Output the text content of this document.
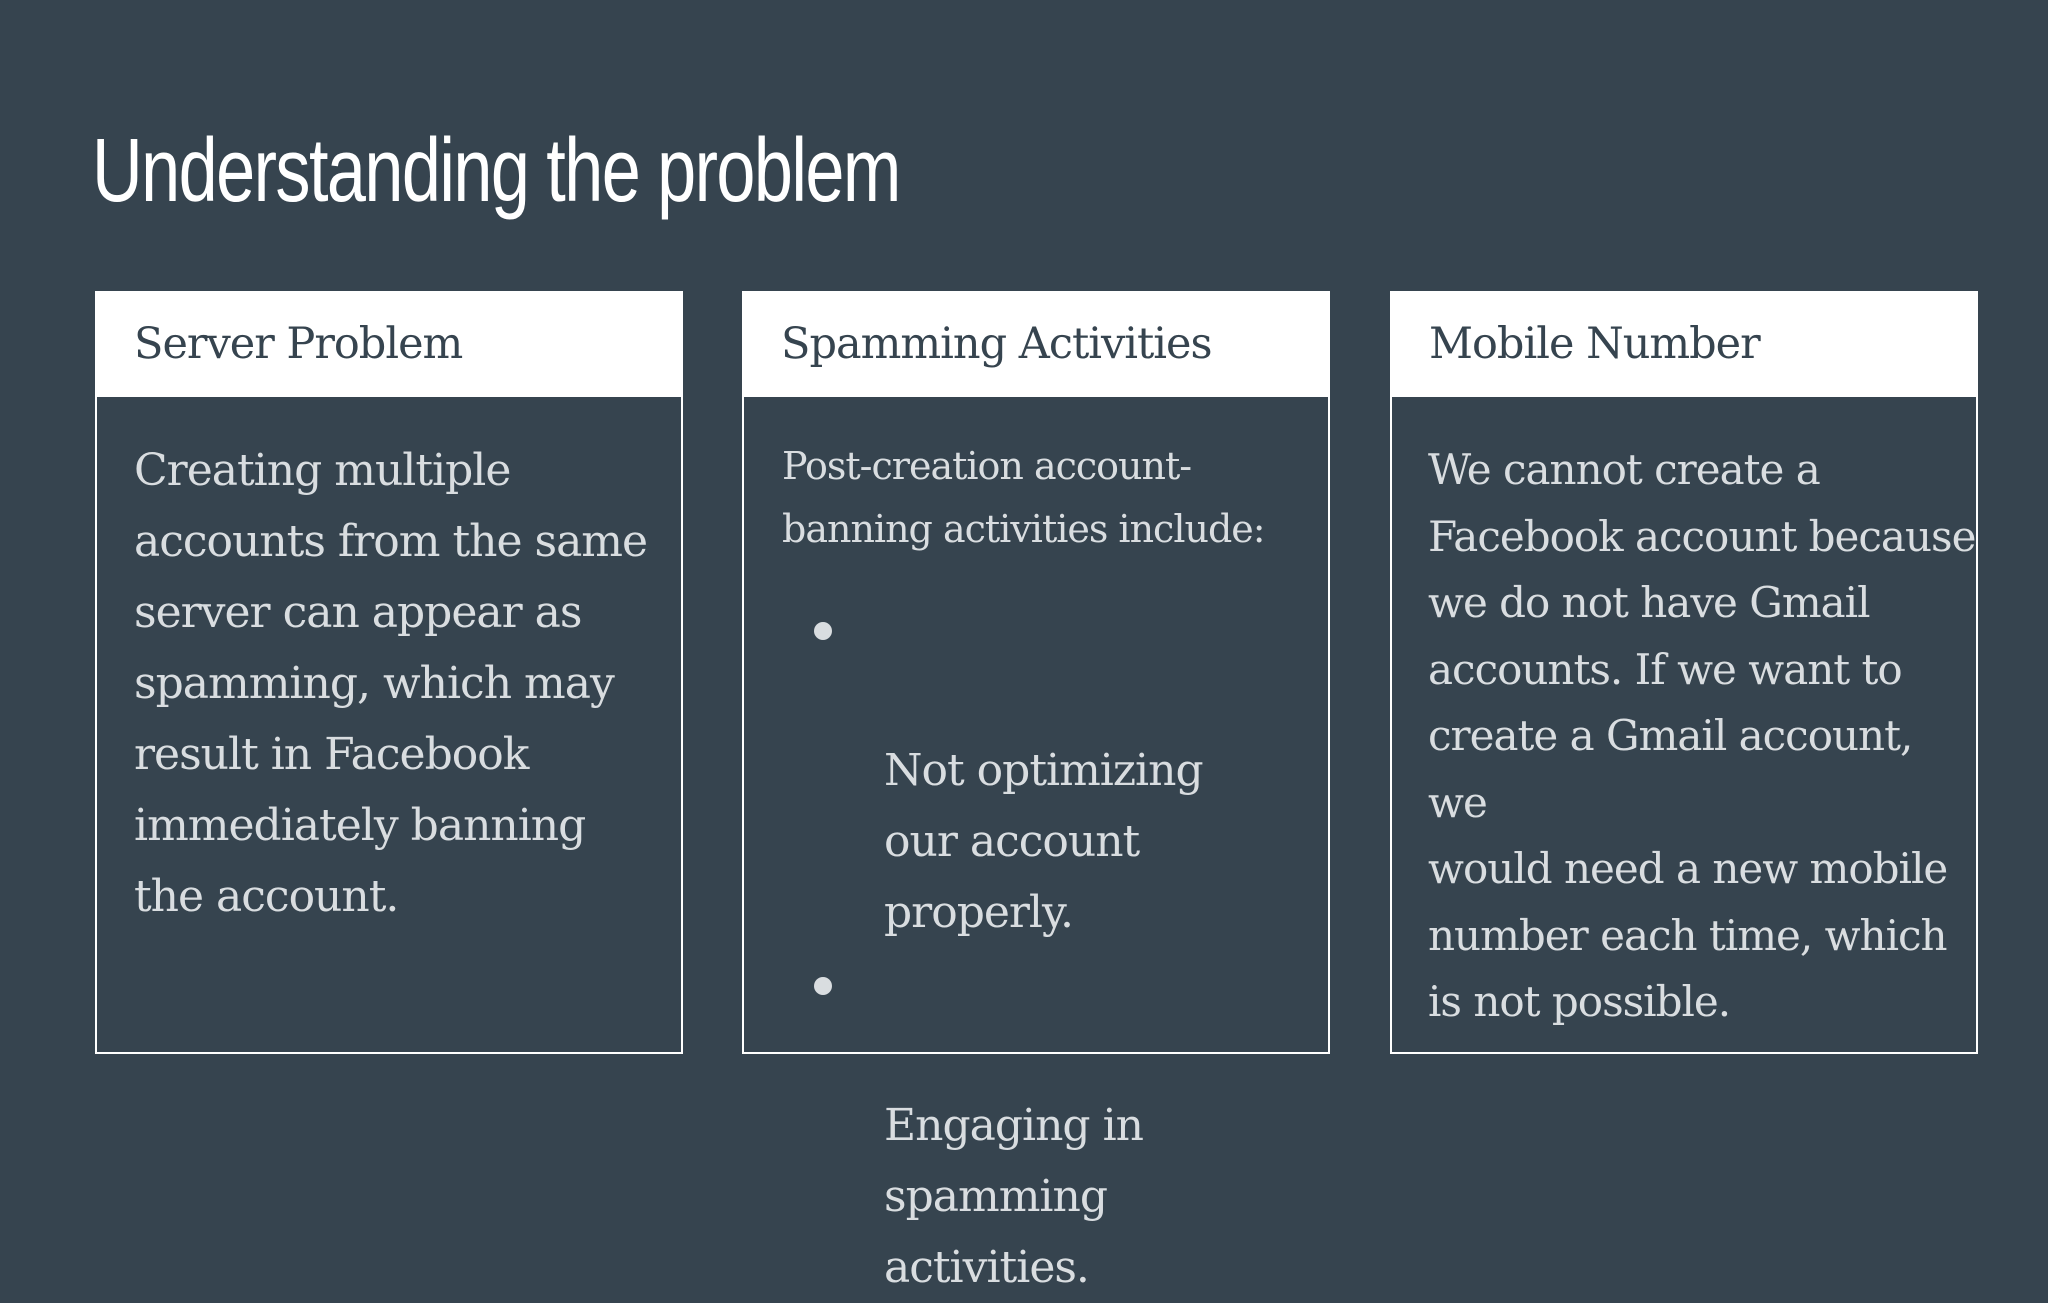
Understanding the problem
Server Problem

Creating multiple
accounts from the same
server can appear as
spamming, which may
result in Facebook
immediately banning
the account.

Spamming Activities

Post-creation account-
banning activities include:

Not optimizing
our account
properly.

Engaging in
spamming
activities.

Mobile Number

We cannot create a
Facebook account because
we do not have Gmail
accounts. If we want to
create a Gmail account, we
would need a new mobile
number each time, which
is not possible.
